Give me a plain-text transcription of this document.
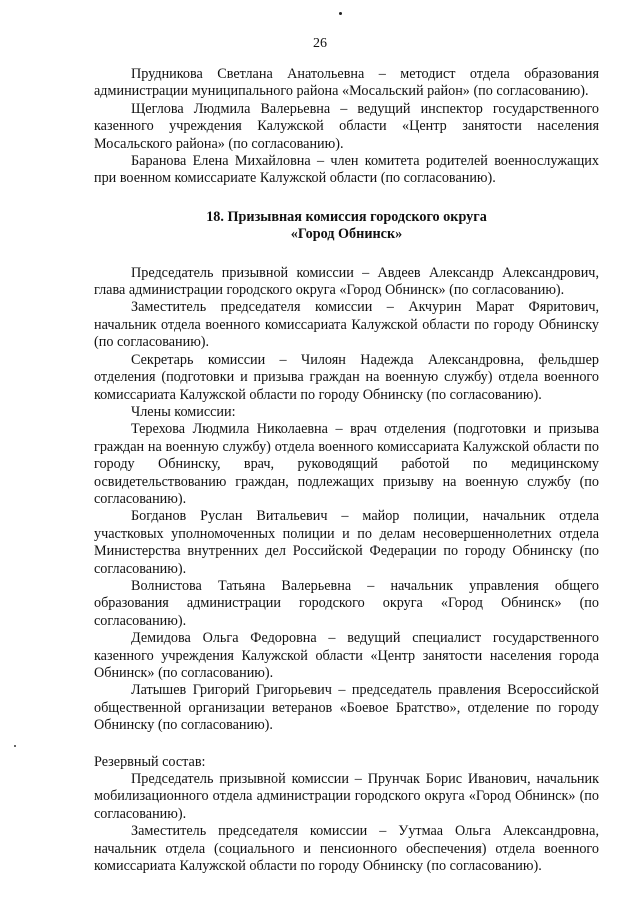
26

Прудникова Светлана Анатольевна – методист отдела образования администрации муниципального района «Мосальский район» (по согласованию).

Щеглова Людмила Валерьевна – ведущий инспектор государственного казенного учреждения Калужской области «Центр занятости населения Мосальского района» (по согласованию).

Баранова Елена Михайловна – член комитета родителей военнослужащих при военном комиссариате Калужской области (по согласованию).

18. Призывная комиссия городского округа
«Город Обнинск»

Председатель призывной комиссии – Авдеев Александр Александрович, глава администрации городского округа «Город Обнинск» (по согласованию).

Заместитель председателя комиссии – Акчурин Марат Фяритович, начальник отдела военного комиссариата Калужской области по городу Обнинску (по согласованию).

Секретарь комиссии – Чилоян Надежда Александровна, фельдшер отделения (подготовки и призыва граждан на военную службу) отдела военного комиссариата Калужской области по городу Обнинску (по согласованию).

Члены комиссии:

Терехова Людмила Николаевна – врач отделения (подготовки и призыва граждан на военную службу) отдела военного комиссариата Калужской области по городу Обнинску, врач, руководящий работой по медицинскому освидетельствованию граждан, подлежащих призыву на военную службу (по согласованию).

Богданов Руслан Витальевич – майор полиции, начальник отдела участковых уполномоченных полиции и по делам несовершеннолетних отдела Министерства внутренних дел Российской Федерации по городу Обнинску (по согласованию).

Волнистова Татьяна Валерьевна – начальник управления общего образования администрации городского округа «Город Обнинск» (по согласованию).

Демидова Ольга Федоровна – ведущий специалист государственного казенного учреждения Калужской области «Центр занятости населения города Обнинск» (по согласованию).

Латышев Григорий Григорьевич – председатель правления Всероссийской общественной организации ветеранов «Боевое Братство», отделение по городу Обнинску (по согласованию).

Резервный состав:

Председатель призывной комиссии – Прунчак Борис Иванович, начальник мобилизационного отдела администрации городского округа «Город Обнинск» (по согласованию).

Заместитель председателя комиссии – Уутмаа Ольга Александровна, начальник отдела (социального и пенсионного обеспечения) отдела военного комиссариата Калужской области по городу Обнинску (по согласованию).
